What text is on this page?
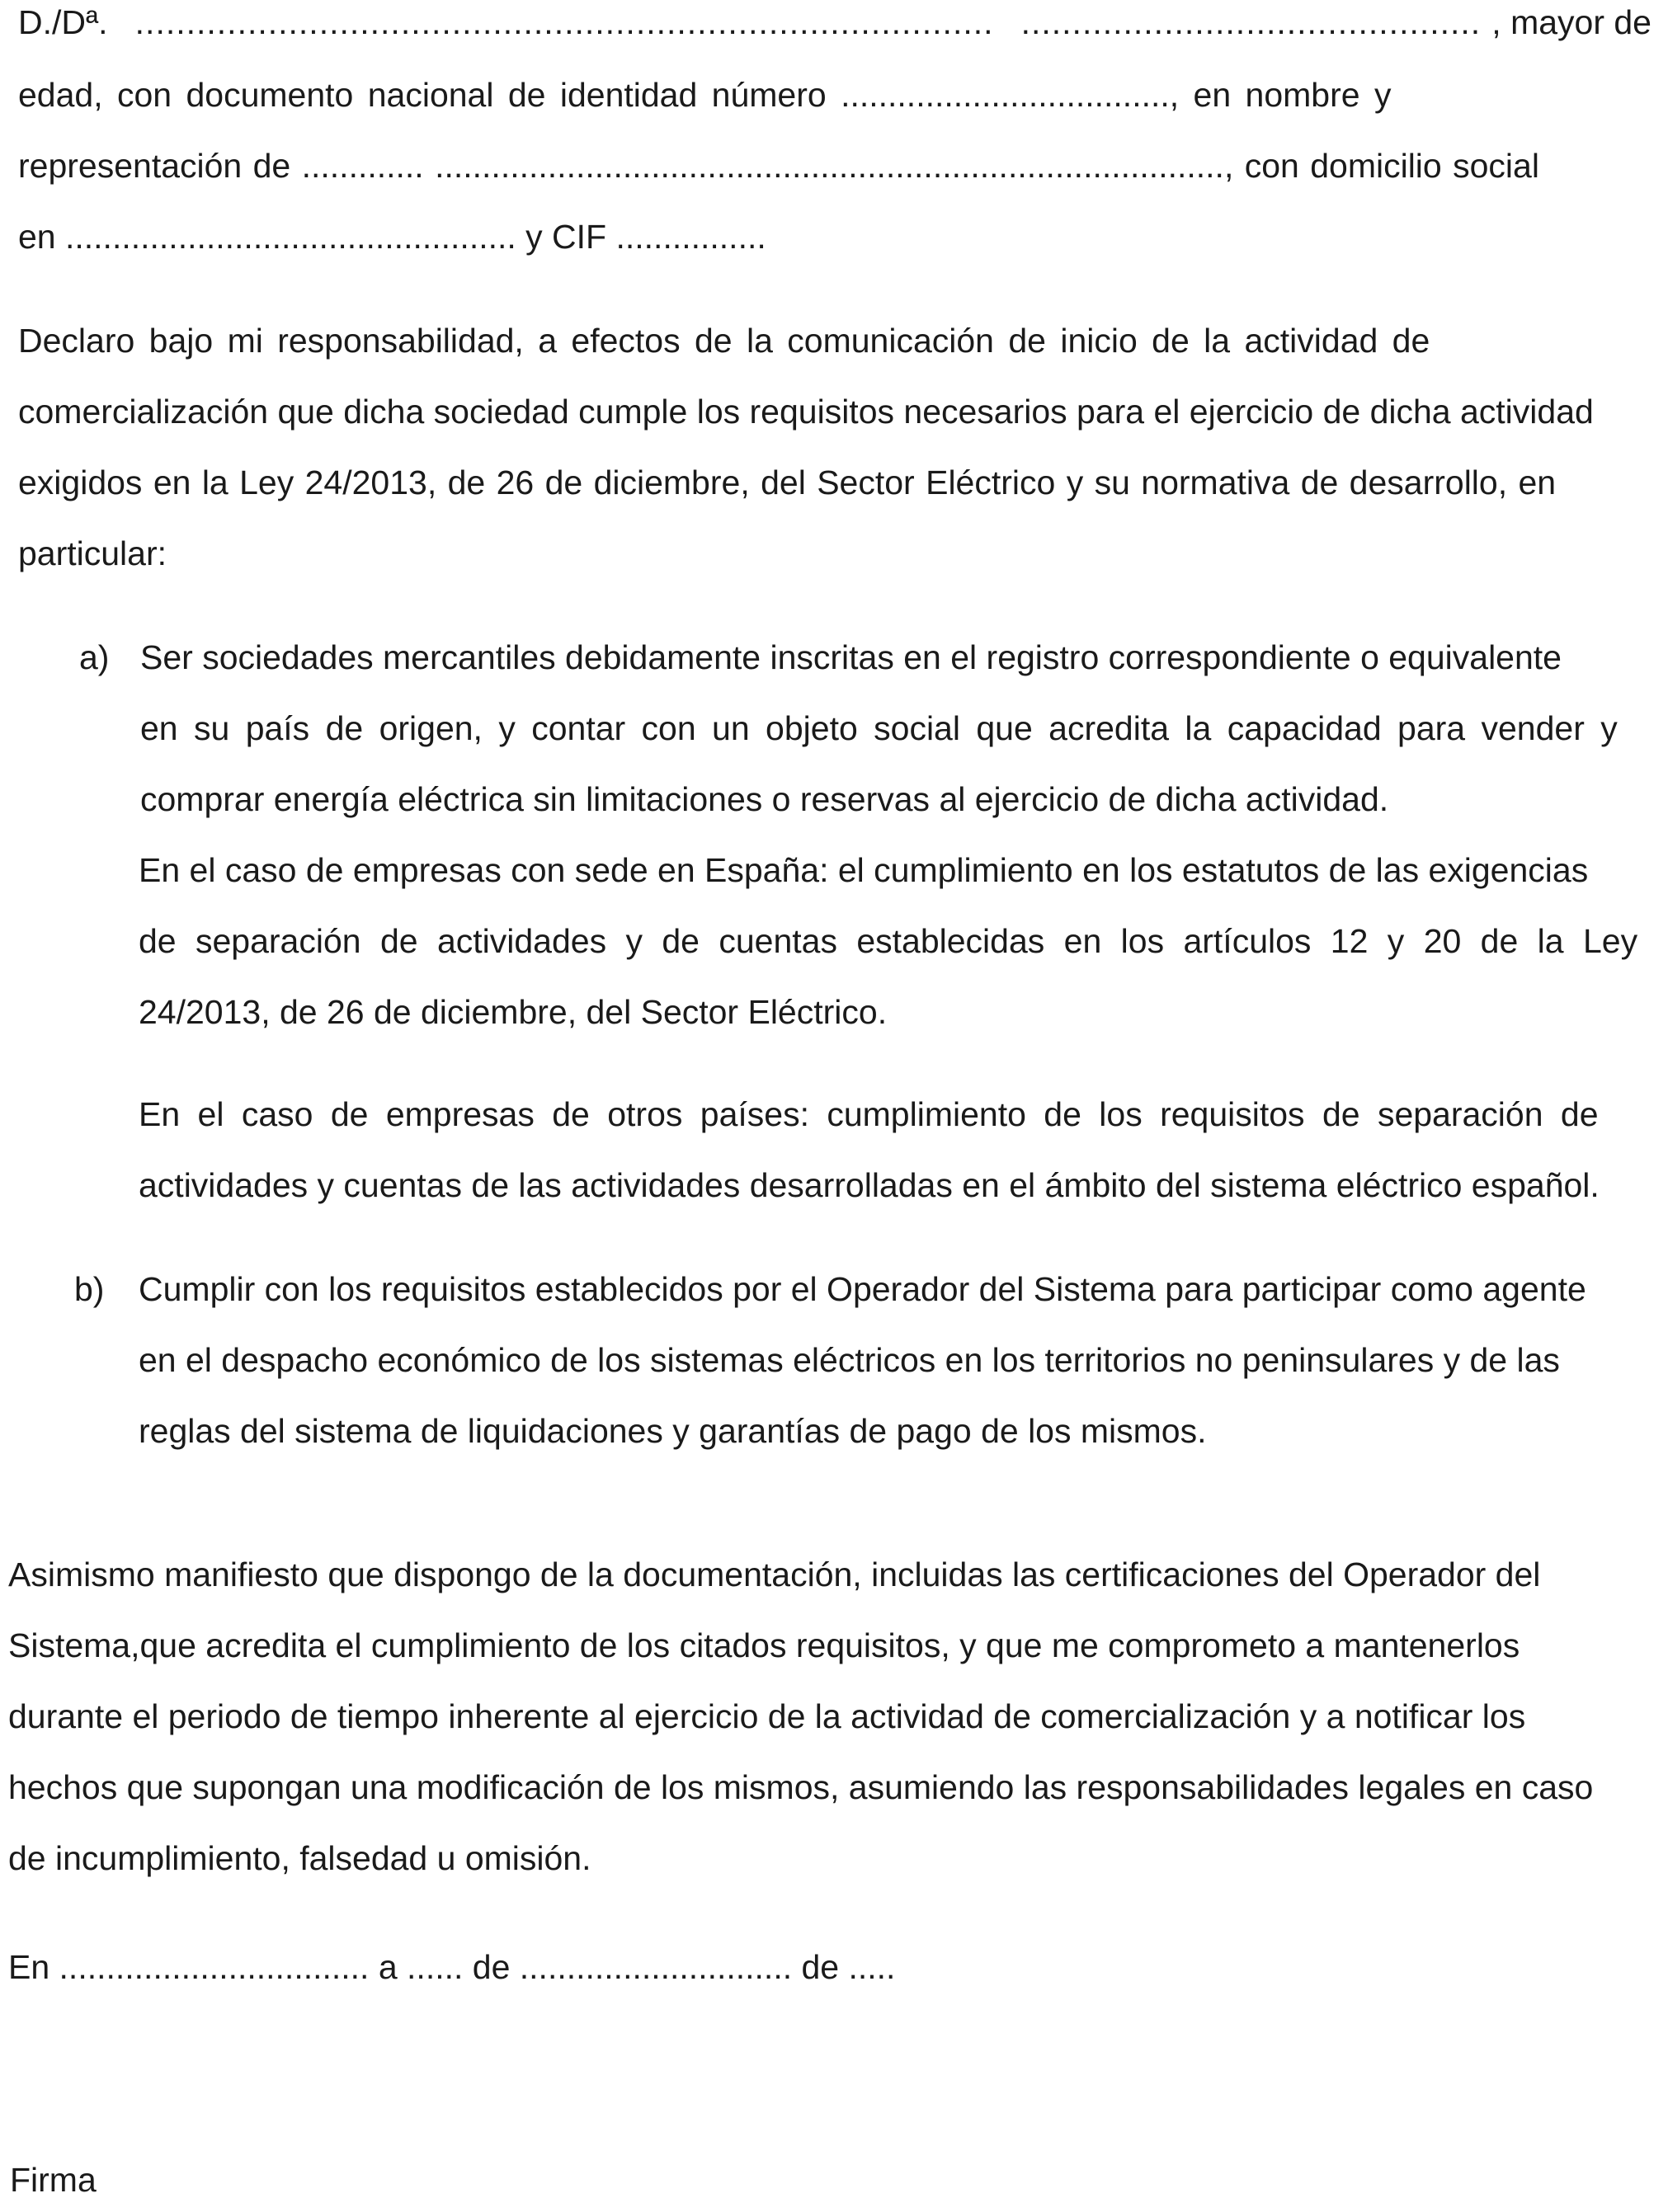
D./Dª. .................................................................................... ............................................. , mayor de
edad, con documento nacional de identidad número ..................................., en nombre y
representación de ............. ...................................................................................., con domicilio social
en ................................................ y CIF ................
Declaro bajo mi responsabilidad, a efectos de la comunicación de inicio de la actividad de
comercialización que dicha sociedad cumple los requisitos necesarios para el ejercicio de dicha actividad
exigidos en la Ley 24/2013, de 26 de diciembre, del Sector Eléctrico y su normativa de desarrollo, en
particular:
a) Ser sociedades mercantiles debidamente inscritas en el registro correspondiente o equivalente
en su país de origen, y contar con un objeto social que acredita la capacidad para vender y
comprar energía eléctrica sin limitaciones o reservas al ejercicio de dicha actividad.
En el caso de empresas con sede en España: el cumplimiento en los estatutos de las exigencias
de separación de actividades y de cuentas establecidas en los artículos 12 y 20 de la Ley
24/2013, de 26 de diciembre, del Sector Eléctrico.
En el caso de empresas de otros países: cumplimiento de los requisitos de separación de
actividades y cuentas de las actividades desarrolladas en el ámbito del sistema eléctrico español.
b) Cumplir con los requisitos establecidos por el Operador del Sistema para participar como agente
en el despacho económico de los sistemas eléctricos en los territorios no peninsulares y de las
reglas del sistema de liquidaciones y garantías de pago de los mismos.
Asimismo manifiesto que dispongo de la documentación, incluidas las certificaciones del Operador del
Sistema,que acredita el cumplimiento de los citados requisitos, y que me comprometo a mantenerlos
durante el periodo de tiempo inherente al ejercicio de la actividad de comercialización y a notificar los
hechos que supongan una modificación de los mismos, asumiendo las responsabilidades legales en caso
de incumplimiento, falsedad u omisión.
En ................................. a ...... de ............................. de .....
Firma
